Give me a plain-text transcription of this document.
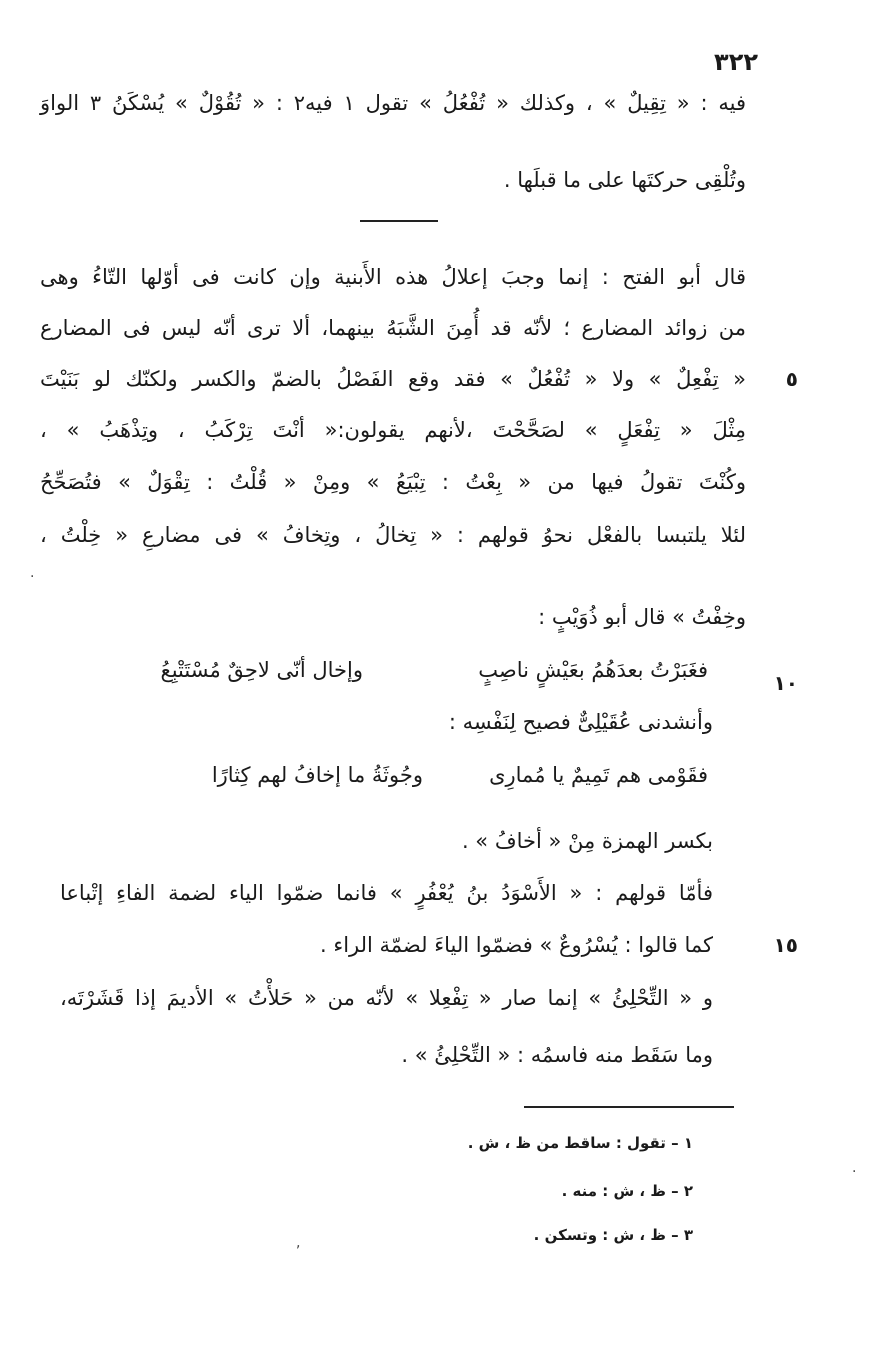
٣٢٢
فيه : « تِقِيلٌ » ، وكذلك « تُفْعُلُ » تقول ١ فيه٢ : « تُقُوْلٌ » يُسْكَنُ ٣ الواوَ
وتُلْقِى حركتَها على ما قبلَها .
قال أبو الفتح : إنما وجبَ إعلالُ هذه الأَبنية وإن كانت فى أوّلها التّاءُ وهى
من زوائد المضارع ؛ لأنّه قد أُمِنَ الشَّبَهُ بينهما، ألا ترى أنّه ليس فى المضارع
٥
« تِفْعِلٌ » ولا « تُفْعُلٌ » فقد وقع الفَصْلُ بالضمّ والكسر ولكنّك لو بَنَيْتَ
مِثْلَ « تِفْعَلٍ » لصَحَّحْتَ ،لأنهم يقولون:« أنْتَ تِرْكَبُ ، وتِذْهَبُ » ،
وكُنْتَ تقولُ فيها من « بِعْتُ : تِبْيَعُ » ومِنْ « قُلْتُ : تِقْوَلٌ » فتُصَحِّحُ
لئلا يلتبسا بالفعْل نحوُ قولهم : « تِخالُ ، وتِخافُ » فى مضارعِ « خِلْتُ ،
وخِفْتُ » قال أبو ذُوَيْبٍ :
١٠
فغَبَرْتُ بعدَهُمُ بعَيْشٍ ناصِبٍ
وإخال أنّى لاحِقٌ مُسْتَتْبِعُ
وأنشدنى عُقَيْلِىٌّ فصيح لِنَفْسِه :
فقَوْمى هم تَمِيمٌ يا مُمارِى
وجُوثَةُ ما إخافُ لهم كِثارًا
بكسر الهمزة مِنْ « أخافُ » .
فأمّا قولهم : « الأَسْوَدُ بنُ يُعْفُرٍ » فانما ضمّوا الياء لضمة الفاءِ إتْباعا
١٥
كما قالوا : يُسْرُوعٌ » فضمّوا الياءَ لضمّة الراء .
و « التِّحْلِئُ » إنما صار « تِفْعِلا » لأنّه من « حَلأْتُ » الأديمَ إذا قَشَرْتَه،
وما سَقَط منه فاسمُه : « التِّحْلِئُ » .
١ – تقول : ساقط من ظ ، ش .
٢ – ظ ، ش : منه .
٣ – ظ ، ش : وتسكن .
.
.
,
